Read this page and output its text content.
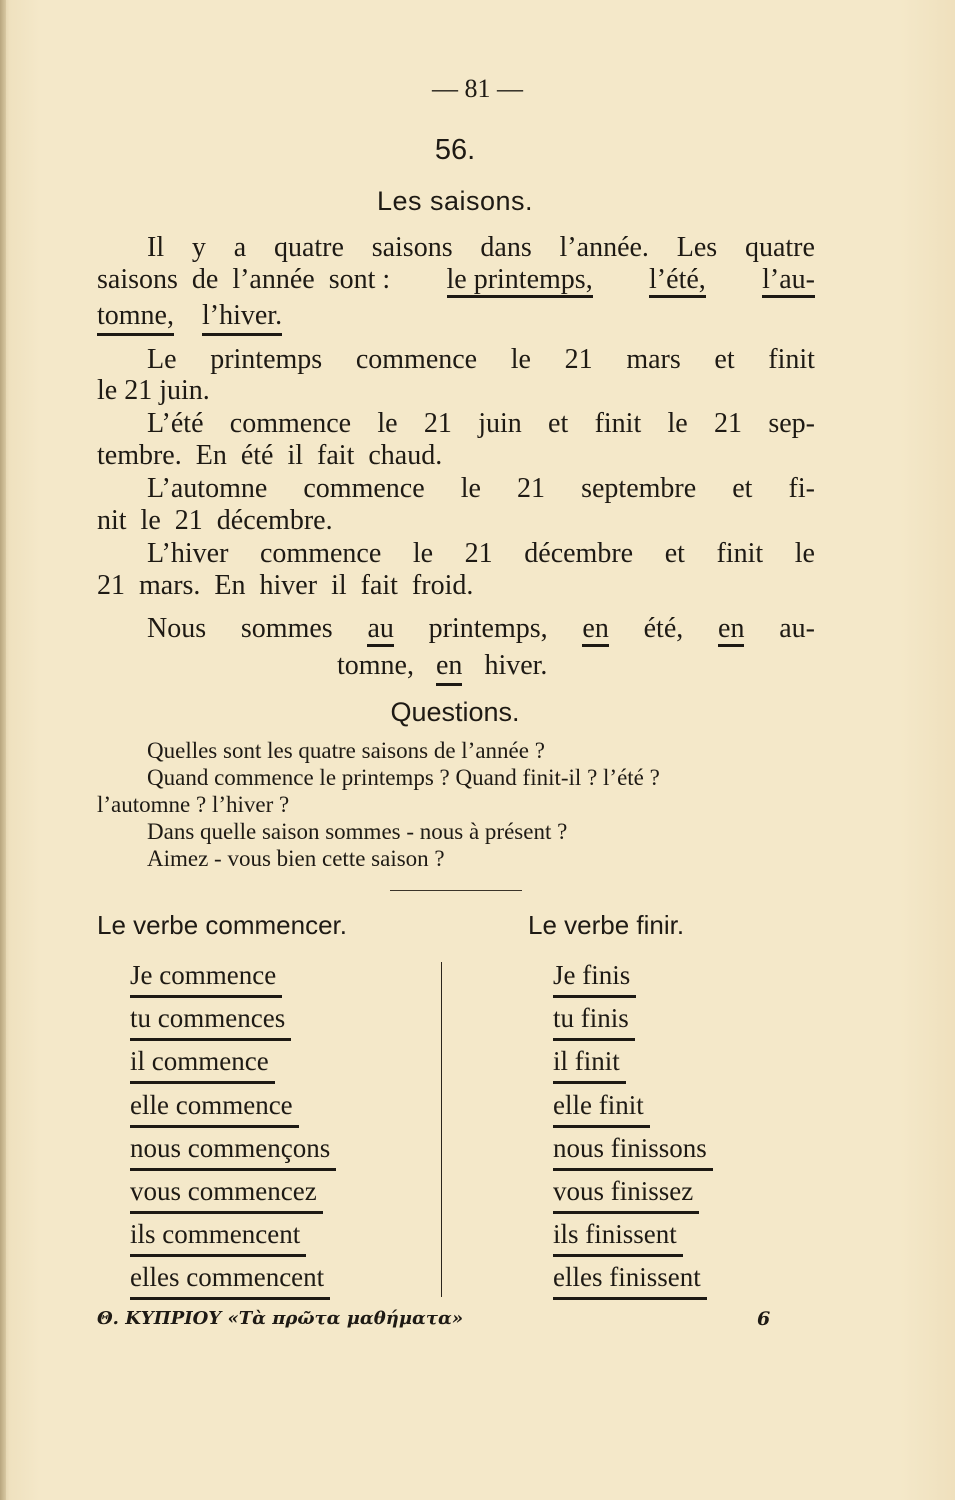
— 81 —
56.
Les saisons.
Il y a quatre saisons dans l’année. Les quatre
saisons  de  l’année  sont : le printemps, l’été, l’au-
tomne, l’hiver.
Le printemps commence le 21 mars et finit
le 21 juin.
L’été commence le 21 juin et finit le 21 sep-
tembre.  En  été  il  fait  chaud.
L’automne commence le 21 septembre et fi-
nit  le  21  décembre.
L’hiver commence le 21 décembre et finit le
21  mars.  En  hiver  il  fait  froid.
Nous sommes au printemps, en été, en au-
tomne, en hiver.
Questions.
Quelles sont les quatre saisons de l’année ?
Quand commence le printemps ? Quand finit-il ? l’été ?
l’automne ? l’hiver ?
Dans quelle saison sommes - nous à présent ?
Aimez - vous bien cette saison ?
Le verbe commencer.	Le verbe finir.
Je commence
tu commences
il commence
elle commence
nous commençons
vous commencez
ils commencent
elles commencent
Je finis
tu finis
il finit
elle finit
nous finissons
vous finissez
ils finissent
elles finissent
Θ. ΚΥΠΡΙΟΥ «Τὰ πρῶτα μαθήματα»	6
